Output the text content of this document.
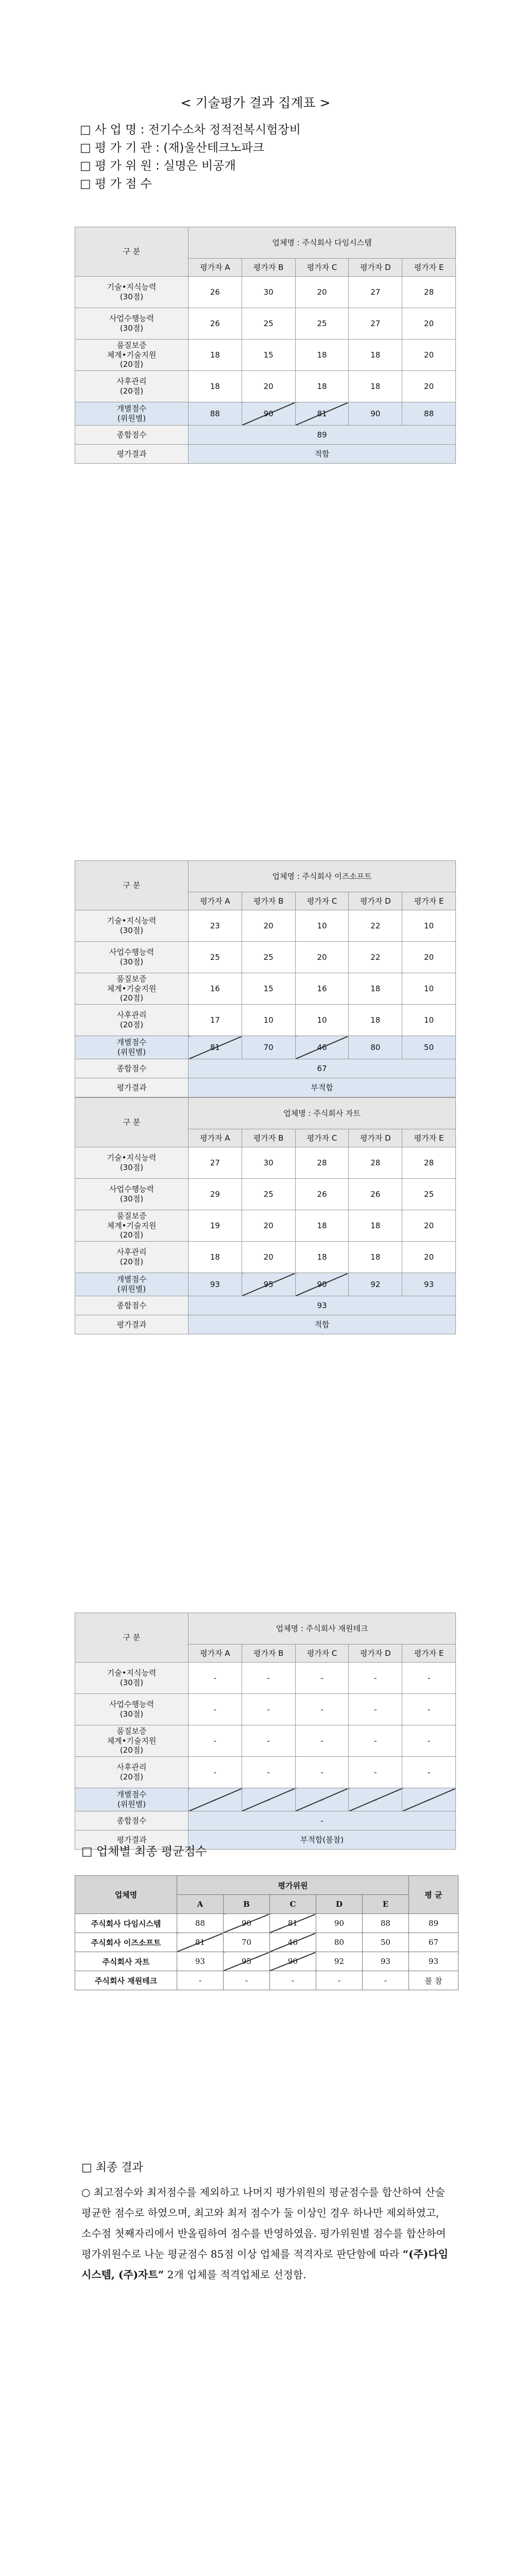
< 기술평가 결과 집계표 >
□ 사 업 명 : 전기수소차 정적전복시험장비
□ 평 가 기 관 : (재)울산테크노파크
□ 평 가 위 원 : 실명은 비공개
□ 평 가 점 수
구 분	업체명 : 주식회사 다임시스템				
	평가자 A	평가자 B	평가자 C	평가자 D	평가자 E
기술•지식능력
(30점)	26	30	20	27	28
사업수행능력
(30점)	26	25	25	27	20
품질보증
체계•기술지원
(20점)	18	15	18	18	20
사후관리
(20점)	18	20	18	18	20
개별점수
(위원별)	88	90	81	90	88
종합점수	89				
평가결과	적합				
구 분	업체명 : 주식회사 이즈소프트				
	평가자 A	평가자 B	평가자 C	평가자 D	평가자 E
기술•지식능력
(30점)	23	20	10	22	10
사업수행능력
(30점)	25	25	20	22	20
품질보증
체계•기술지원
(20점)	16	15	16	18	10
사후관리
(20점)	17	10	10	18	10
개별점수
(위원별)	81	70	46	80	50
종합점수	67				
평가결과	부적합				
구 분	업체명 : 주식회사 자트				
	평가자 A	평가자 B	평가자 C	평가자 D	평가자 E
기술•지식능력
(30점)	27	30	28	28	28
사업수행능력
(30점)	29	25	26	26	25
품질보증
체계•기술지원
(20점)	19	20	18	18	20
사후관리
(20점)	18	20	18	18	20
개별점수
(위원별)	93	95	90	92	93
종합점수	93				
평가결과	적합				
구 분	업체명 : 주식회사 재원테크				
	평가자 A	평가자 B	평가자 C	평가자 D	평가자 E
기술•지식능력
(30점)	-	-	-	-	-
사업수행능력
(30점)	-	-	-	-	-
품질보증
체계•기술지원
(20점)	-	-	-	-	-
사후관리
(20점)	-	-	-	-	-
개별점수
(위원별)	-	-	-	-	-
종합점수	-				
평가결과	부적합(불참)				
□ 업체별 최종 평균점수
업체명	평가위원					평 균
	A	B	C	D	E	
주식회사 다임시스템	88	90	81	90	88	89
주식회사 이즈소프트	81	70	46	80	50	67
주식회사 자트	93	95	90	92	93	93
주식회사 재원테크	-	-	-	-	-	불 참
□ 최종 결과
○ 최고점수와 최저점수를 제외하고 나머지 평가위원의 평균점수를 합산하여 산술평균한 점수로 하였으며, 최고와 최저 점수가 둘 이상인 경우 하나만 제외하였고, 소수점 첫째자리에서 반올림하여 점수를 반영하였음. 평가위원별 점수를 합산하여 평가위원수로 나눈 평균점수 85점 이상 업체를 적격자로 판단함에 따라 “(주)다임시스템, (주)자트” 2개 업체를 적격업체로 선정함.
